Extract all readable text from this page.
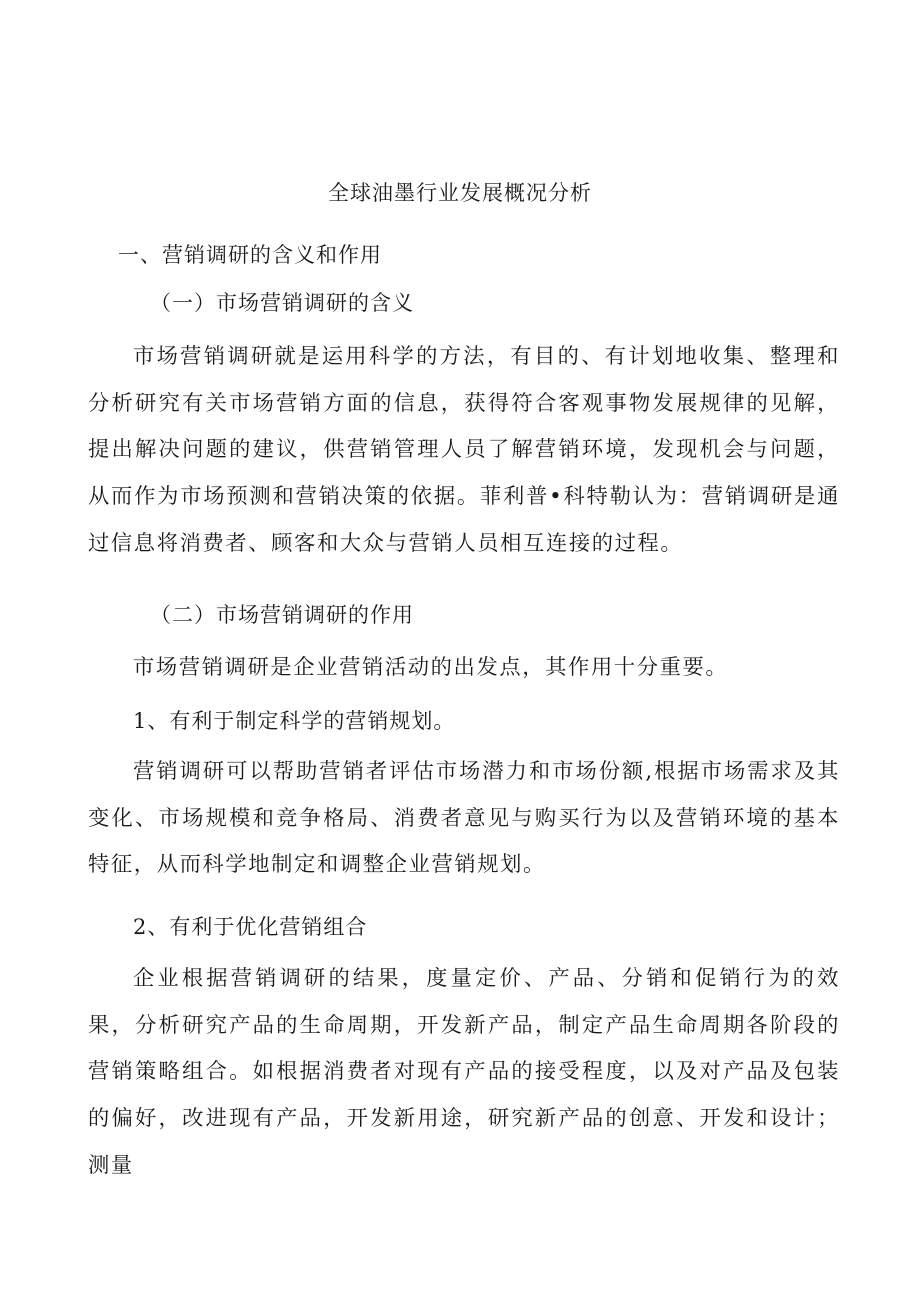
全球油墨行业发展概况分析
一、营销调研的含义和作用
（一）市场营销调研的含义

市场营销调研就是运用科学的方法，有目的、有计划地收集、整理和分析研究有关市场营销方面的信息，获得符合客观事物发展规律的见解，提出解决问题的建议，供营销管理人员了解营销环境，发现机会与问题，从而作为市场预测和营销决策的依据。菲利普•科特勒认为：营销调研是通过信息将消费者、顾客和大众与营销人员相互连接的过程。

（二）市场营销调研的作用

市场营销调研是企业营销活动的出发点，其作用十分重要。

1、有利于制定科学的营销规划。

营销调研可以帮助营销者评估市场潜力和市场份额,根据市场需求及其变化、市场规模和竞争格局、消费者意见与购买行为以及营销环境的基本特征，从而科学地制定和调整企业营销规划。

2、有利于优化营销组合

企业根据营销调研的结果，度量定价、产品、分销和促销行为的效果，分析研究产品的生命周期，开发新产品，制定产品生命周期各阶段的营销策略组合。如根据消费者对现有产品的接受程度，以及对产品及包装的偏好，改进现有产品，开发新用途，研究新产品的创意、开发和设计；测量
